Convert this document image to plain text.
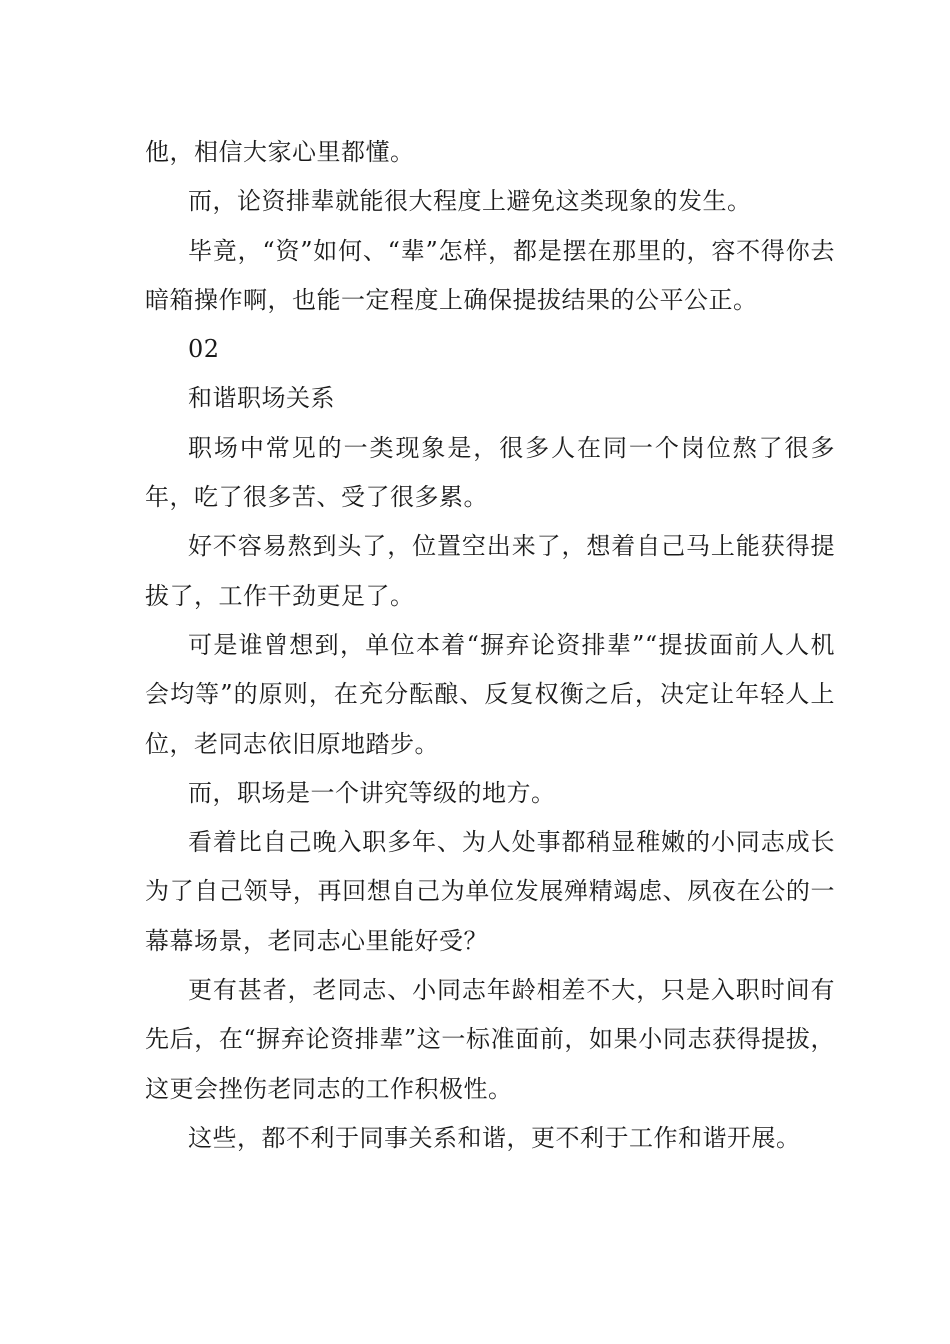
他，相信大家心里都懂。

而，论资排辈就能很大程度上避免这类现象的发生。

毕竟，“资”如何、“辈”怎样，都是摆在那里的，容不得你去暗箱操作啊，也能一定程度上确保提拔结果的公平公正。

02

和谐职场关系

职场中常见的一类现象是，很多人在同一个岗位熬了很多年，吃了很多苦、受了很多累。

好不容易熬到头了，位置空出来了，想着自己马上能获得提拔了，工作干劲更足了。

可是谁曾想到，单位本着“摒弃论资排辈”“提拔面前人人机会均等”的原则，在充分酝酿、反复权衡之后，决定让年轻人上位，老同志依旧原地踏步。

而，职场是一个讲究等级的地方。

看着比自己晚入职多年、为人处事都稍显稚嫩的小同志成长为了自己领导，再回想自己为单位发展殚精竭虑、夙夜在公的一幕幕场景，老同志心里能好受？

更有甚者，老同志、小同志年龄相差不大，只是入职时间有先后，在“摒弃论资排辈”这一标准面前，如果小同志获得提拔，这更会挫伤老同志的工作积极性。

这些，都不利于同事关系和谐，更不利于工作和谐开展。
